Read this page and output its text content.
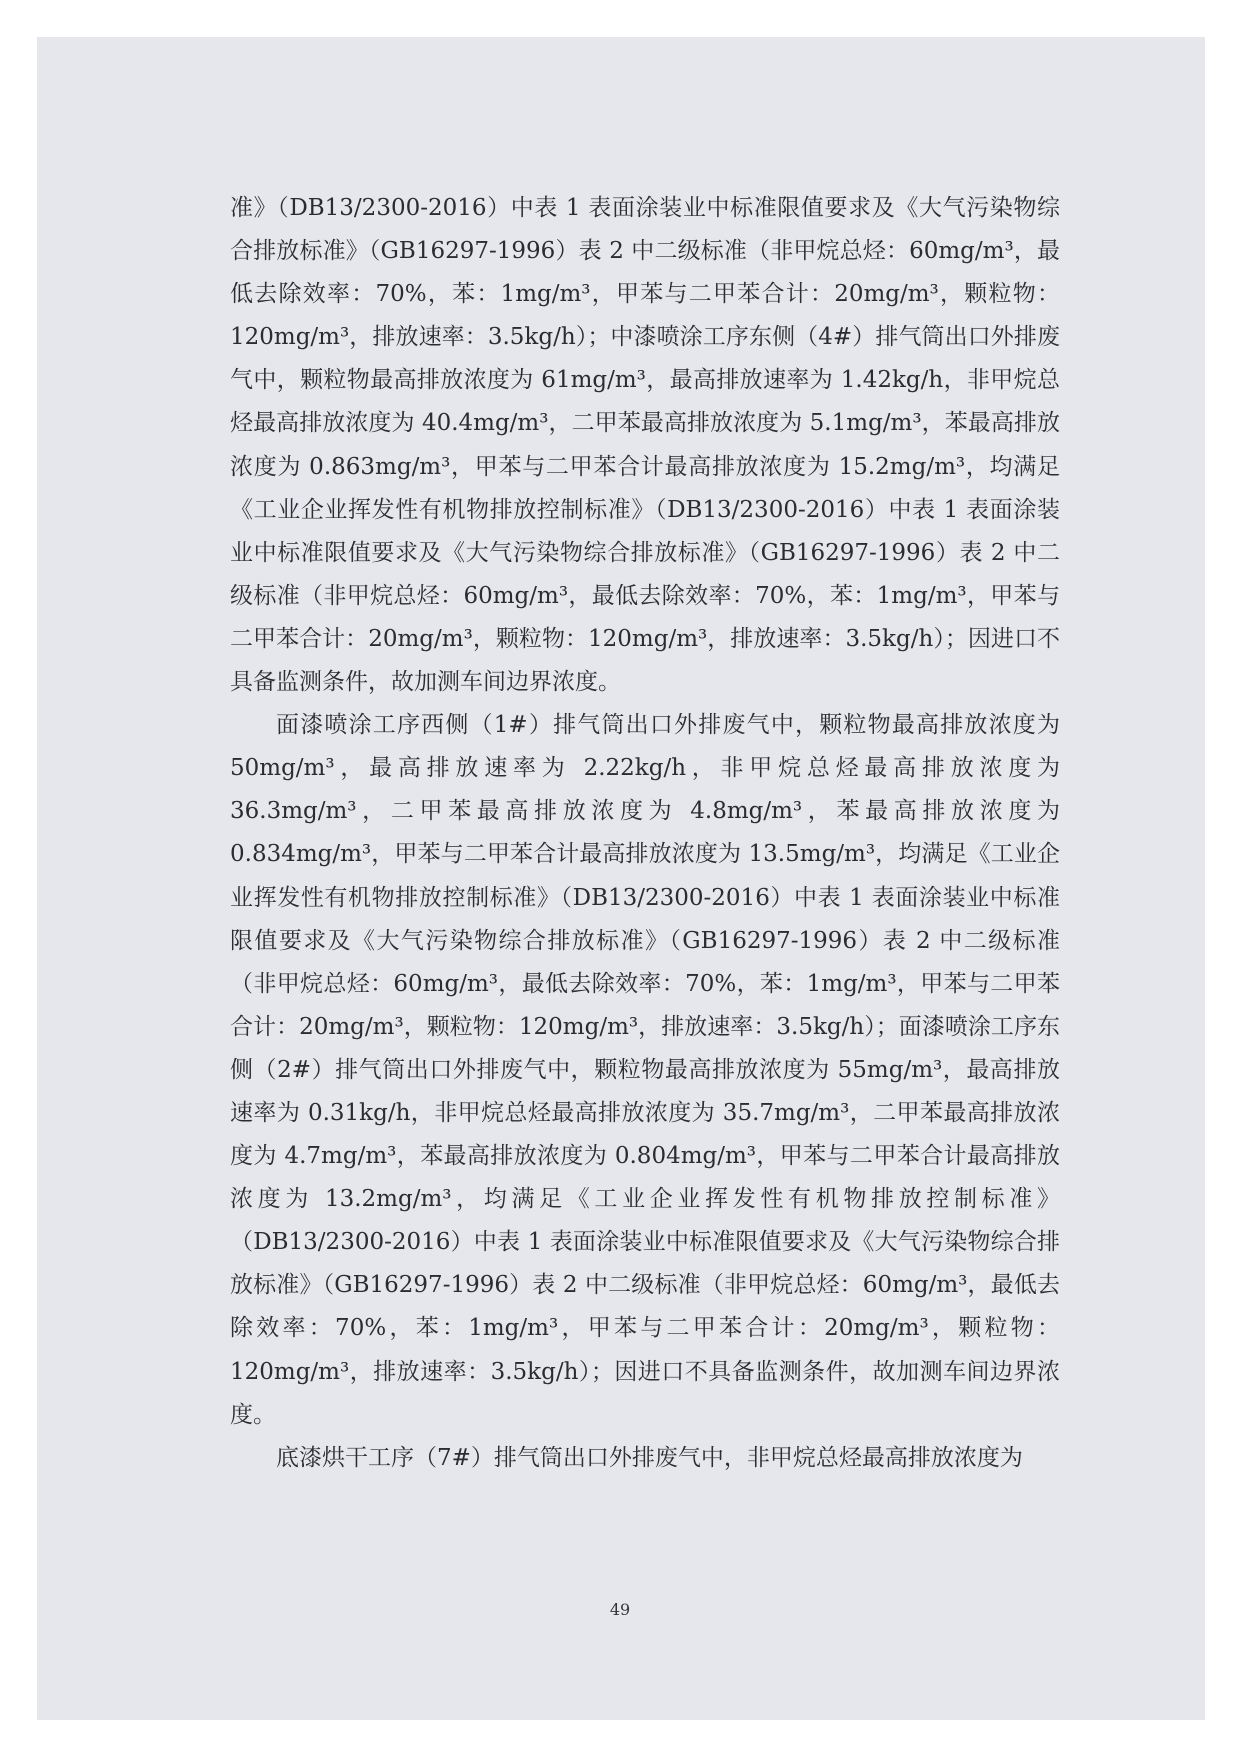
准》（DB13/2300-2016）中表 1 表面涂装业中标准限值要求及《大气污染物综合排放标准》（GB16297-1996）表 2 中二级标准（非甲烷总烃：60mg/m³，最低去除效率：70%，苯：1mg/m³，甲苯与二甲苯合计：20mg/m³，颗粒物：120mg/m³，排放速率：3.5kg/h）；中漆喷涂工序东侧（4#）排气筒出口外排废气中，颗粒物最高排放浓度为 61mg/m³，最高排放速率为 1.42kg/h，非甲烷总烃最高排放浓度为 40.4mg/m³，二甲苯最高排放浓度为 5.1mg/m³，苯最高排放浓度为 0.863mg/m³，甲苯与二甲苯合计最高排放浓度为 15.2mg/m³，均满足《工业企业挥发性有机物排放控制标准》（DB13/2300-2016）中表 1 表面涂装业中标准限值要求及《大气污染物综合排放标准》（GB16297-1996）表 2 中二级标准（非甲烷总烃：60mg/m³，最低去除效率：70%，苯：1mg/m³，甲苯与二甲苯合计：20mg/m³，颗粒物：120mg/m³，排放速率：3.5kg/h）；因进口不具备监测条件，故加测车间边界浓度。

面漆喷涂工序西侧（1#）排气筒出口外排废气中，颗粒物最高排放浓度为 50mg/m³，最高排放速率为 2.22kg/h，非甲烷总烃最高排放浓度为 36.3mg/m³，二甲苯最高排放浓度为 4.8mg/m³，苯最高排放浓度为 0.834mg/m³，甲苯与二甲苯合计最高排放浓度为 13.5mg/m³，均满足《工业企业挥发性有机物排放控制标准》（DB13/2300-2016）中表 1 表面涂装业中标准限值要求及《大气污染物综合排放标准》（GB16297-1996）表 2 中二级标准（非甲烷总烃：60mg/m³，最低去除效率：70%，苯：1mg/m³，甲苯与二甲苯合计：20mg/m³，颗粒物：120mg/m³，排放速率：3.5kg/h）；面漆喷涂工序东侧（2#）排气筒出口外排废气中，颗粒物最高排放浓度为 55mg/m³，最高排放速率为 0.31kg/h，非甲烷总烃最高排放浓度为 35.7mg/m³，二甲苯最高排放浓度为 4.7mg/m³，苯最高排放浓度为 0.804mg/m³，甲苯与二甲苯合计最高排放浓度为 13.2mg/m³，均满足《工业企业挥发性有机物排放控制标准》（DB13/2300-2016）中表 1 表面涂装业中标准限值要求及《大气污染物综合排放标准》（GB16297-1996）表 2 中二级标准（非甲烷总烃：60mg/m³，最低去除效率：70%，苯：1mg/m³，甲苯与二甲苯合计：20mg/m³，颗粒物：120mg/m³，排放速率：3.5kg/h）；因进口不具备监测条件，故加测车间边界浓度。

底漆烘干工序（7#）排气筒出口外排废气中，非甲烷总烃最高排放浓度为

49
